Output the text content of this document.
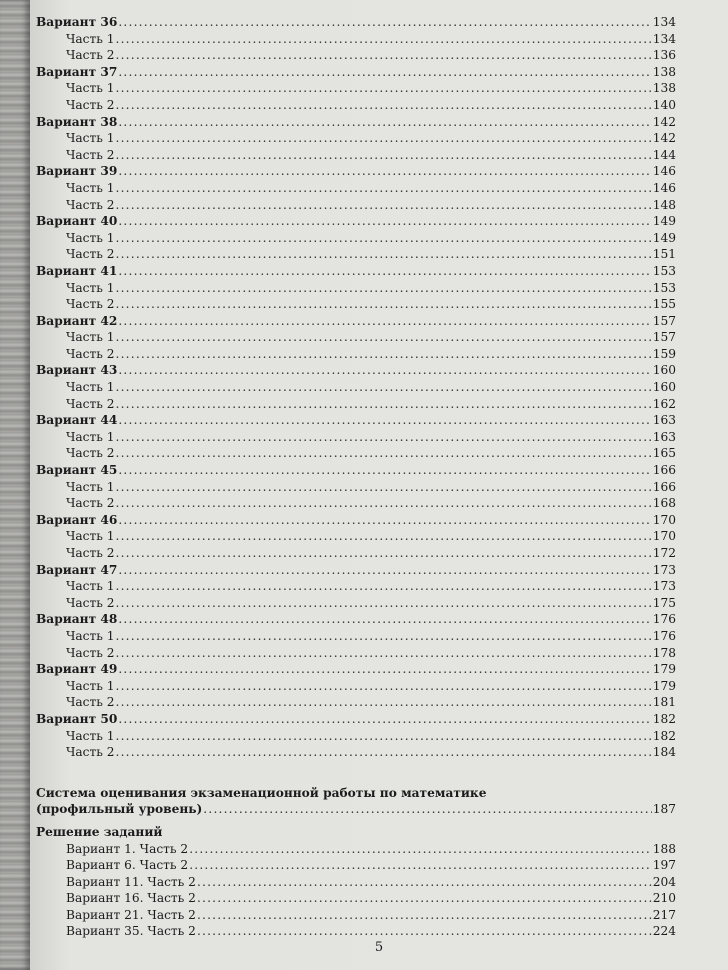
Вариант 36 .....	134
Часть 1 .....	134
Часть 2 .....	136
Вариант 37 .....	138
Часть 1 .....	138
Часть 2 .....	140
Вариант 38 .....	142
Часть 1 .....	142
Часть 2 .....	144
Вариант 39 .....	146
Часть 1 .....	146
Часть 2 .....	148
Вариант 40 .....	149
Часть 1 .....	149
Часть 2 .....	151
Вариант 41 .....	153
Часть 1 .....	153
Часть 2 .....	155
Вариант 42 .....	157
Часть 1 .....	157
Часть 2 .....	159
Вариант 43 .....	160
Часть 1 .....	160
Часть 2 .....	162
Вариант 44 .....	163
Часть 1 .....	163
Часть 2 .....	165
Вариант 45 .....	166
Часть 1 .....	166
Часть 2 .....	168
Вариант 46 .....	170
Часть 1 .....	170
Часть 2 .....	172
Вариант 47 .....	173
Часть 1 .....	173
Часть 2 .....	175
Вариант 48 .....	176
Часть 1 .....	176
Часть 2 .....	178
Вариант 49 .....	179
Часть 1 .....	179
Часть 2 .....	181
Вариант 50 .....	182
Часть 1 .....	182
Часть 2 .....	184
Система оценивания экзаменационной работы по математике
(профильный уровень) .....	187
Решение заданий
Вариант 1. Часть 2 .....	188
Вариант 6. Часть 2 .....	197
Вариант 11. Часть 2 .....	204
Вариант 16. Часть 2 .....	210
Вариант 21. Часть 2 .....	217
Вариант 35. Часть 2 .....	224
5
